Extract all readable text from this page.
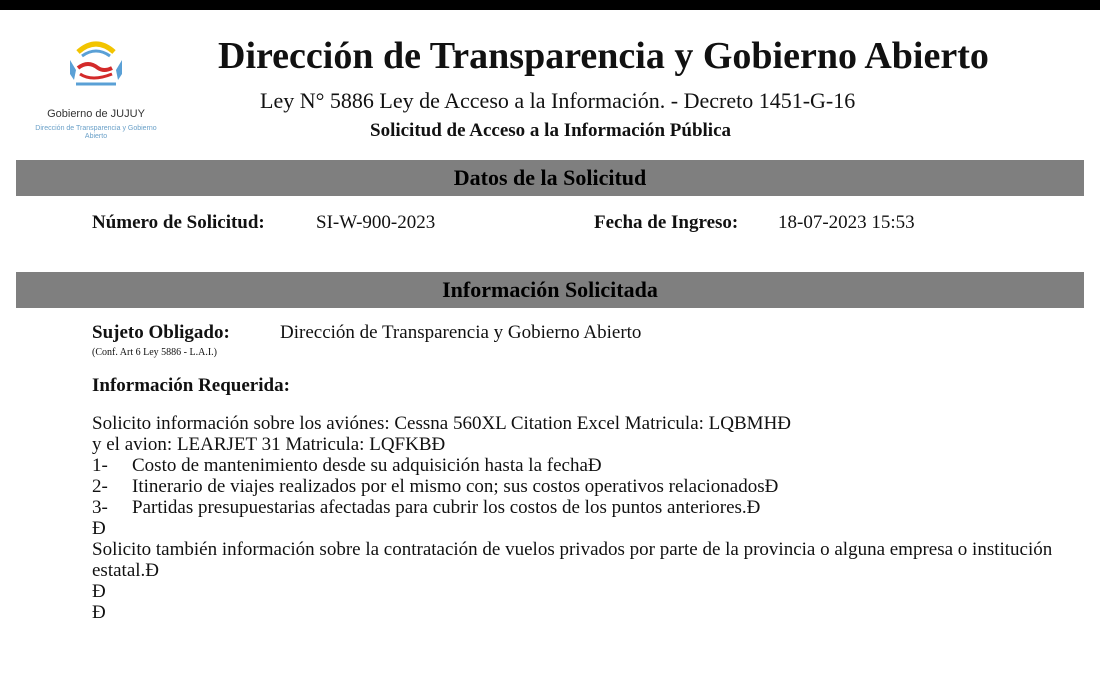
Gobierno de JUJUY
Dirección de Transparencia y Gobierno Abierto
Dirección de Transparencia y Gobierno Abierto
Ley N° 5886 Ley de Acceso a la Información. - Decreto 1451-G-16
Solicitud de Acceso a la Información Pública
Datos de la Solicitud
Número de Solicitud:	SI-W-900-2023	Fecha de Ingreso: 18-07-2023 15:53
Información Solicitada
Sujeto Obligado:	Dirección de Transparencia y Gobierno Abierto
(Conf. Art 6 Ley 5886 - L.A.I.)
Información Requerida:
Solicito información sobre los aviónes: Cessna 560XL Citation Excel Matricula: LQBMHĐ
y el avion: LEARJET 31 Matricula: LQFKBĐ
1-	Costo de mantenimiento desde su adquisición hasta la fechaĐ
2-	Itinerario de viajes realizados por el mismo con; sus costos operativos relacionadosĐ
3-	Partidas presupuestarias afectadas para cubrir los costos de los puntos anteriores.Đ
Đ
Solicito también información sobre la contratación de vuelos privados por parte de la provincia o alguna empresa o institución estatal.Đ
Đ
Đ
